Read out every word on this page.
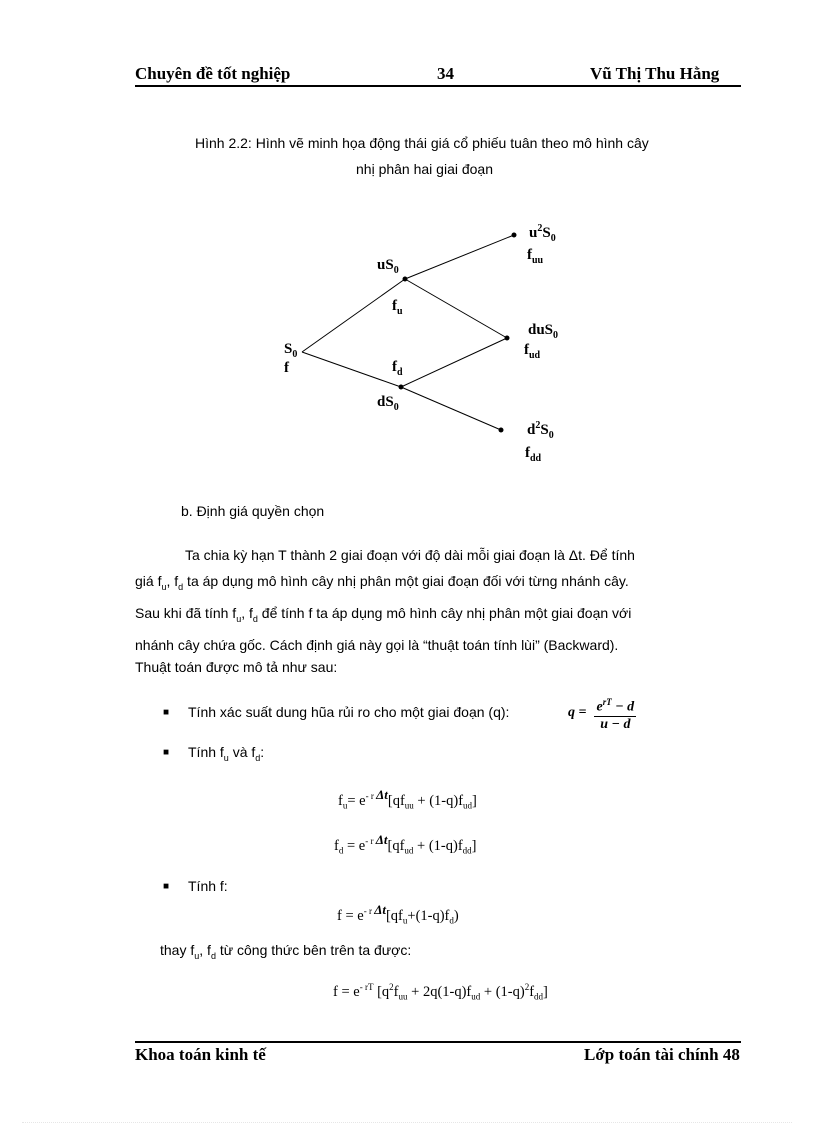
Chuyên đề tốt nghiệp	34	Vũ Thị Thu Hằng
Hình 2.2: Hình vẽ minh họa động thái giá cổ phiếu tuân theo mô hình cây
nhị phân hai giai đoạn
$S_0$
f
$uS_0$
$f_u$
$f_d$
$dS_0$
$u^2S_0$
$f_{uu}$
duS$_0$
$f_{ud}$
$d^2S_0$
$f_{dd}$
b. Định giá quyền chọn
Ta chia kỳ hạn T thành 2 giai đoạn với độ dài mỗi giai đoạn là Δt. Để tính
giá $f_u$, $f_d$ ta áp dụng mô hình cây nhị phân một giai đoạn đối với từng nhánh cây.
Sau khi đã tính $f_u$, $f_d$ để tính f ta áp dụng mô hình cây nhị phân một giai đoạn với
nhánh cây chứa gốc. Cách định giá này gọi là “thuật toán tính lùi” (Backward).
Thuật toán được mô tả như sau:
■ Tính xác suất dung hũa rủi ro cho một giai đoạn (q):	$q = \frac{e^{rT} - d}{u - d}$
■ Tính $f_u$ và $f_d$:
$f_u= e^{- r}$ $^{\Delta t}[qf_{uu} + (1-q)f_{ud}]$
$f_d = e^{- r}$ $^{\Delta t}[qf_{ud} + (1-q)f_{dd}]$
■ Tính f:
$f = e^{- r}$ $^{\Delta t}[qf_u+(1-q)f_d)$
thay $f_u$, $f_d$ từ công thức bên trên ta được:
$f = e^{- rT}$ $[q^2f_{uu} + 2q(1-q)f_{ud} + (1-q)^2f_{dd}]$
Khoa toán kinh tế	Lớp toán tài chính 48
